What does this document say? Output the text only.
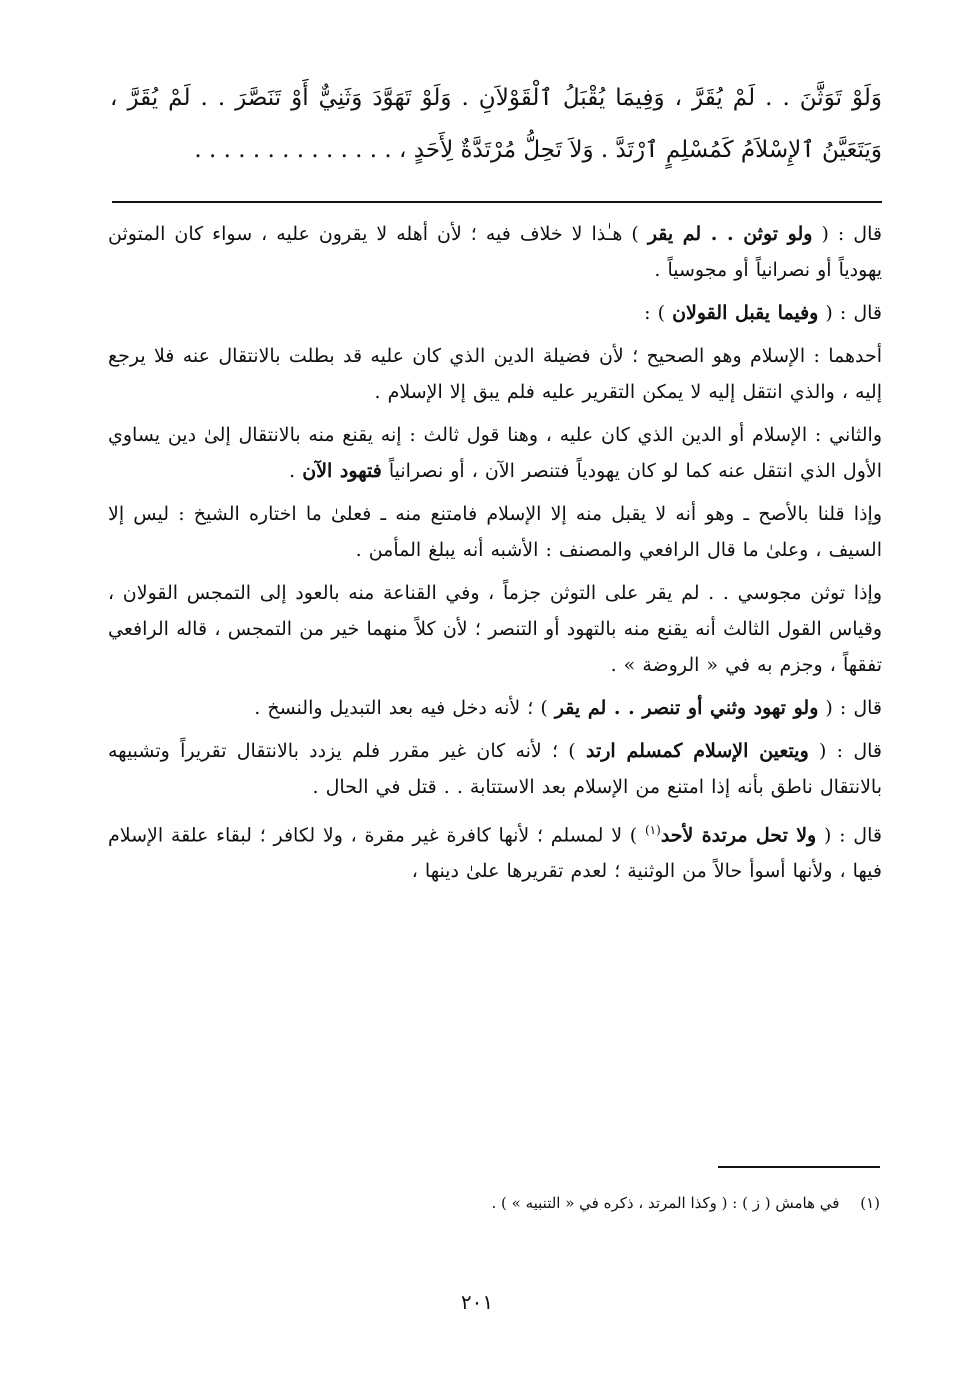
وَلَوْ تَوَثَّنَ . . لَمْ يُقَرَّ ، وَفِيمَا يُقْبَلُ ٱلْقَوْلاَنِ . وَلَوْ تَهَوَّدَ وَثَنِيٌّ أَوْ تَنَصَّرَ . . لَمْ يُقَرَّ ،
وَيَتَعَيَّنُ ٱلإِسْلاَمُ كَمُسْلِمٍ ٱرْتَدَّ . وَلاَ تَحِلُّ مُرْتَدَّةٌ لِأَحَدٍ ، . . . . . . . . . . . . . .

قال : ( ولو توثن . . لم يقر ) هـٰذا لا خلاف فيه ؛ لأن أهله لا يقرون عليه ، سواء كان المتوثن يهودياً أو نصرانياً أو مجوسياً .

قال : ( وفيما يقبل القولان ) :

أحدهما : الإسلام وهو الصحيح ؛ لأن فضيلة الدين الذي كان عليه قد بطلت بالانتقال عنه فلا يرجع إليه ، والذي انتقل إليه لا يمكن التقرير عليه فلم يبق إلا الإسلام .

والثاني : الإسلام أو الدين الذي كان عليه ، وهنا قول ثالث : إنه يقنع منه بالانتقال إلىٰ دين يساوي الأول الذي انتقل عنه كما لو كان يهودياً فتنصر الآن ، أو نصرانياً فتهود الآن .

وإذا قلنا بالأصح ـ وهو أنه لا يقبل منه إلا الإسلام فامتنع منه ـ فعلىٰ ما اختاره الشيخ : ليس إلا السيف ، وعلىٰ ما قال الرافعي والمصنف : الأشبه أنه يبلغ المأمن .

وإذا توثن مجوسي . . لم يقر على التوثن جزماً ، وفي القناعة منه بالعود إلى التمجس القولان ، وقياس القول الثالث أنه يقنع منه بالتهود أو التنصر ؛ لأن كلاً منهما خير من التمجس ، قاله الرافعي تفقهاً ، وجزم به في « الروضة » .

قال : ( ولو تهود وثني أو تنصر . . لم يقر ) ؛ لأنه دخل فيه بعد التبديل والنسخ .

قال : ( ويتعين الإسلام كمسلم ارتد ) ؛ لأنه كان غير مقرر فلم يزدد بالانتقال تقريراً وتشبيهه بالانتقال ناطق بأنه إذا امتنع من الإسلام بعد الاستتابة . . قتل في الحال .

قال : ( ولا تحل مرتدة لأحد$^{(١)}$ ) لا لمسلم ؛ لأنها كافرة غير مقرة ، ولا لكافر ؛ لبقاء علقة الإسلام فيها ، ولأنها أسوأ حالاً من الوثنية ؛ لعدم تقريرها علىٰ دينها ،

(١) في هامش ( ز ) : ( وكذا المرتد ، ذكره في « التنبيه » ) .
٢٠١
